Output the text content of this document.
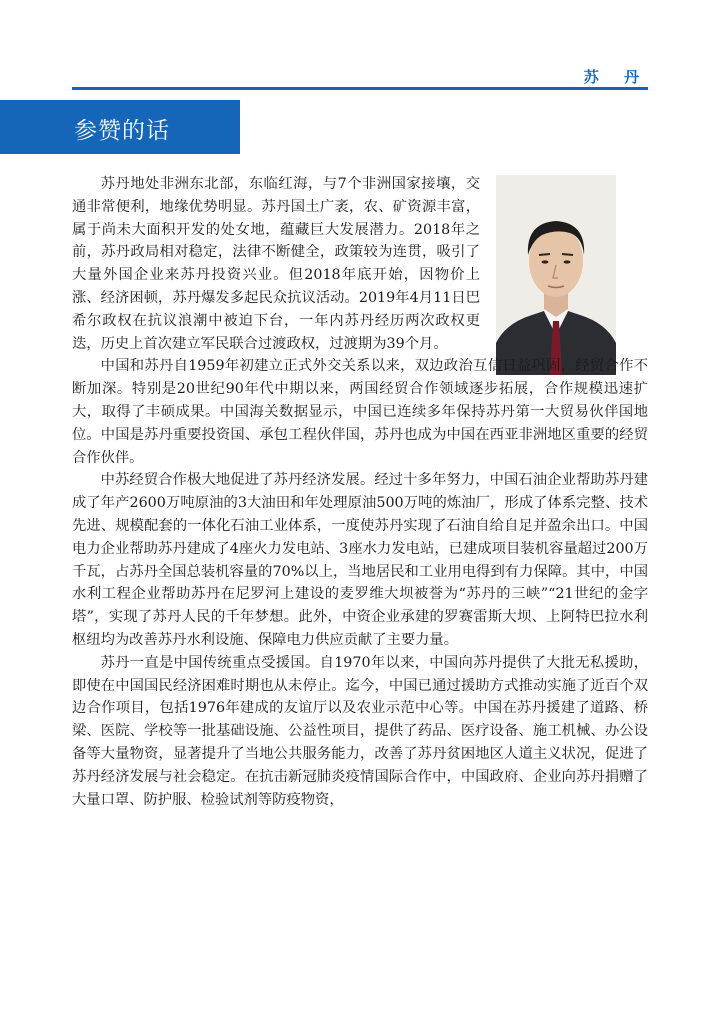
苏 丹
参赞的话

苏丹地处非洲东北部，东临红海，与7个非洲国家接壤，交通非常便利，地缘优势明显。苏丹国土广袤，农、矿资源丰富，属于尚未大面积开发的处女地，蕴藏巨大发展潜力。2018年之前，苏丹政局相对稳定，法律不断健全，政策较为连贯，吸引了大量外国企业来苏丹投资兴业。但2018年底开始，因物价上涨、经济困顿，苏丹爆发多起民众抗议活动。2019年4月11日巴希尔政权在抗议浪潮中被迫下台，一年内苏丹经历两次政权更迭，历史上首次建立军民联合过渡政权，过渡期为39个月。

中国和苏丹自1959年初建立正式外交关系以来，双边政治互信日益巩固，经贸合作不断加深。特别是20世纪90年代中期以来，两国经贸合作领域逐步拓展，合作规模迅速扩大，取得了丰硕成果。中国海关数据显示，中国已连续多年保持苏丹第一大贸易伙伴国地位。中国是苏丹重要投资国、承包工程伙伴国，苏丹也成为中国在西亚非洲地区重要的经贸合作伙伴。

中苏经贸合作极大地促进了苏丹经济发展。经过十多年努力，中国石油企业帮助苏丹建成了年产2600万吨原油的3大油田和年处理原油500万吨的炼油厂，形成了体系完整、技术先进、规模配套的一体化石油工业体系，一度使苏丹实现了石油自给自足并盈余出口。中国电力企业帮助苏丹建成了4座火力发电站、3座水力发电站，已建成项目装机容量超过200万千瓦，占苏丹全国总装机容量的70%以上，当地居民和工业用电得到有力保障。其中，中国水利工程企业帮助苏丹在尼罗河上建设的麦罗维大坝被誉为“苏丹的三峡”“21世纪的金字塔”，实现了苏丹人民的千年梦想。此外，中资企业承建的罗赛雷斯大坝、上阿特巴拉水利枢纽均为改善苏丹水利设施、保障电力供应贡献了主要力量。

苏丹一直是中国传统重点受援国。自1970年以来，中国向苏丹提供了大批无私援助，即使在中国国民经济困难时期也从未停止。迄今，中国已通过援助方式推动实施了近百个双边合作项目，包括1976年建成的友谊厅以及农业示范中心等。中国在苏丹援建了道路、桥梁、医院、学校等一批基础设施、公益性项目，提供了药品、医疗设备、施工机械、办公设备等大量物资，显著提升了当地公共服务能力，改善了苏丹贫困地区人道主义状况，促进了苏丹经济发展与社会稳定。在抗击新冠肺炎疫情国际合作中，中国政府、企业向苏丹捐赠了大量口罩、防护服、检验试剂等防疫物资，
